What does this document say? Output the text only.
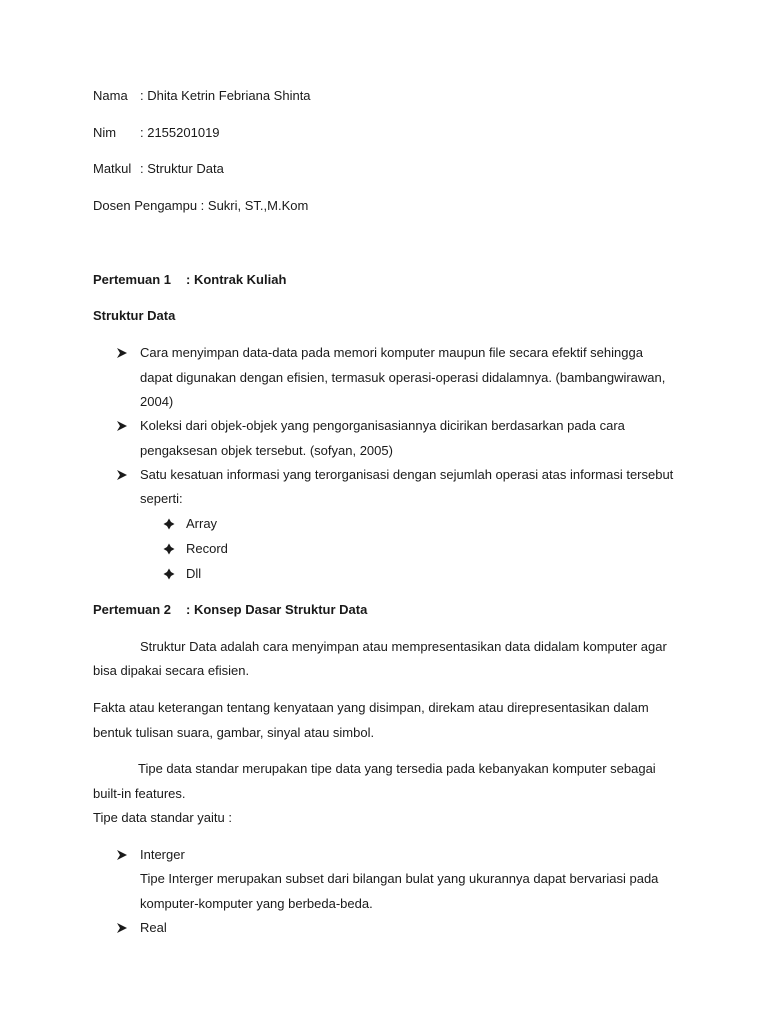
Nama : Dhita Ketrin Febriana Shinta
Nim : 2155201019
Matkul : Struktur Data
Dosen Pengampu : Sukri, ST.,M.Kom
Pertemuan 1 : Kontrak Kuliah
Struktur Data
Cara menyimpan data-data pada memori komputer maupun file secara efektif sehingga
dapat digunakan dengan efisien, termasuk operasi-operasi didalamnya. (bambangwirawan,
2004)
Koleksi dari objek-objek yang pengorganisasiannya dicirikan berdasarkan pada cara
pengaksesan objek tersebut. (sofyan, 2005)
Satu kesatuan informasi yang terorganisasi dengan sejumlah operasi atas informasi tersebut
seperti:
Array
Record
Dll
Pertemuan 2 : Konsep Dasar Struktur Data
Struktur Data adalah cara menyimpan atau mempresentasikan data didalam komputer agar
bisa dipakai secara efisien.
Fakta atau keterangan tentang kenyataan yang disimpan, direkam atau direpresentasikan dalam
bentuk tulisan suara, gambar, sinyal atau simbol.
Tipe data standar merupakan tipe data yang tersedia pada kebanyakan komputer sebagai
built-in features.
Tipe data standar yaitu :
Interger
Tipe Interger merupakan subset dari bilangan bulat yang ukurannya dapat bervariasi pada
komputer-komputer yang berbeda-beda.
Real
